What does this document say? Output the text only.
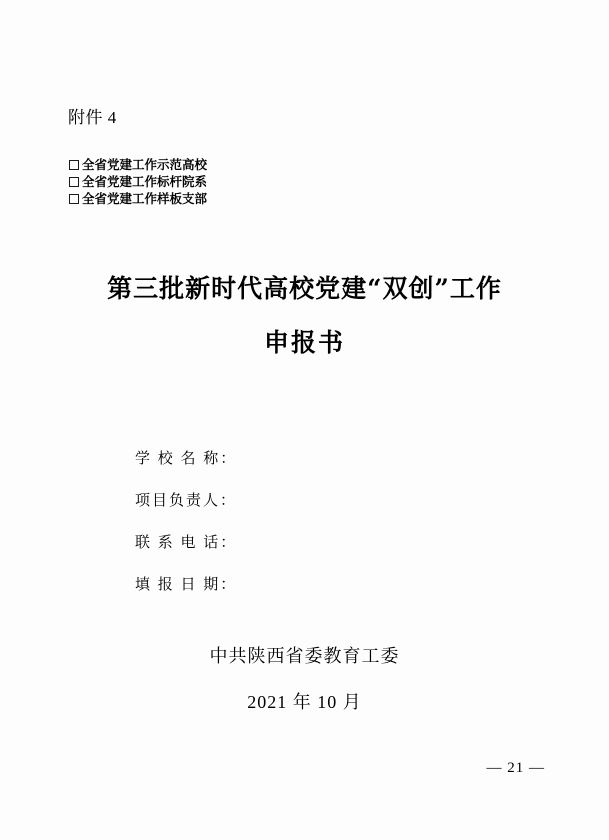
附件 4
全省党建工作示范高校
全省党建工作标杆院系
全省党建工作样板支部
第三批新时代高校党建“双创”工作
申报书
学 校 名 称：
项目负责人：
联 系 电 话：
填 报 日 期：
中共陕西省委教育工委
2021 年 10 月
— 21 —
